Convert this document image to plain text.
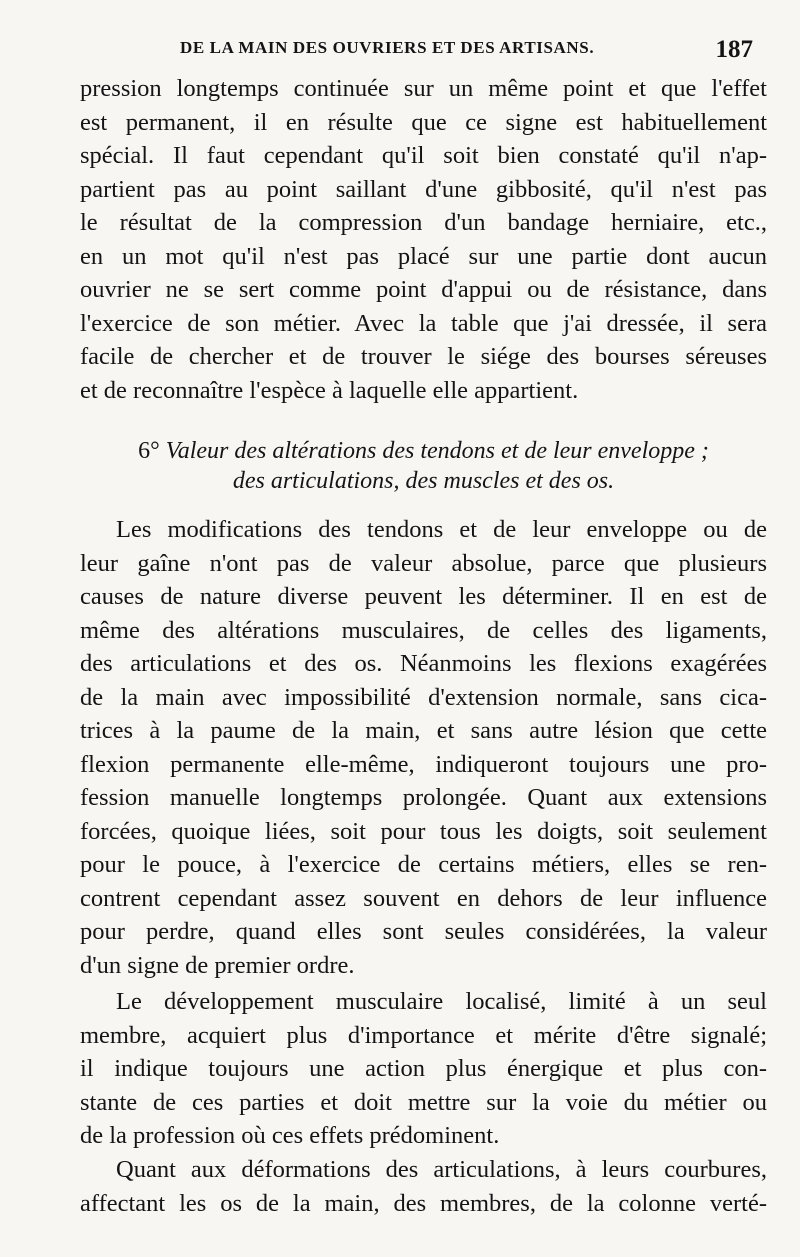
DE LA MAIN DES OUVRIERS ET DES ARTISANS.	187
pression longtemps continuée sur un même point et que l'effet
est permanent, il en résulte que ce signe est habituellement
spécial. Il faut cependant qu'il soit bien constaté qu'il n'ap-
partient pas au point saillant d'une gibbosité, qu'il n'est pas
le résultat de la compression d'un bandage herniaire, etc.,
en un mot qu'il n'est pas placé sur une partie dont aucun
ouvrier ne se sert comme point d'appui ou de résistance, dans
l'exercice de son métier. Avec la table que j'ai dressée, il sera
facile de chercher et de trouver le siége des bourses séreuses
et de reconnaître l'espèce à laquelle elle appartient.
6° Valeur des altérations des tendons et de leur enveloppe ;
des articulations, des muscles et des os.
Les modifications des tendons et de leur enveloppe ou de
leur gaîne n'ont pas de valeur absolue, parce que plusieurs
causes de nature diverse peuvent les déterminer. Il en est de
même des altérations musculaires, de celles des ligaments,
des articulations et des os. Néanmoins les flexions exagérées
de la main avec impossibilité d'extension normale, sans cica-
trices à la paume de la main, et sans autre lésion que cette
flexion permanente elle-même, indiqueront toujours une pro-
fession manuelle longtemps prolongée. Quant aux extensions
forcées, quoique liées, soit pour tous les doigts, soit seulement
pour le pouce, à l'exercice de certains métiers, elles se ren-
contrent cependant assez souvent en dehors de leur influence
pour perdre, quand elles sont seules considérées, la valeur
d'un signe de premier ordre.
Le développement musculaire localisé, limité à un seul
membre, acquiert plus d'importance et mérite d'être signalé;
il indique toujours une action plus énergique et plus con-
stante de ces parties et doit mettre sur la voie du métier ou
de la profession où ces effets prédominent.
Quant aux déformations des articulations, à leurs courbures,
affectant les os de la main, des membres, de la colonne verté-
